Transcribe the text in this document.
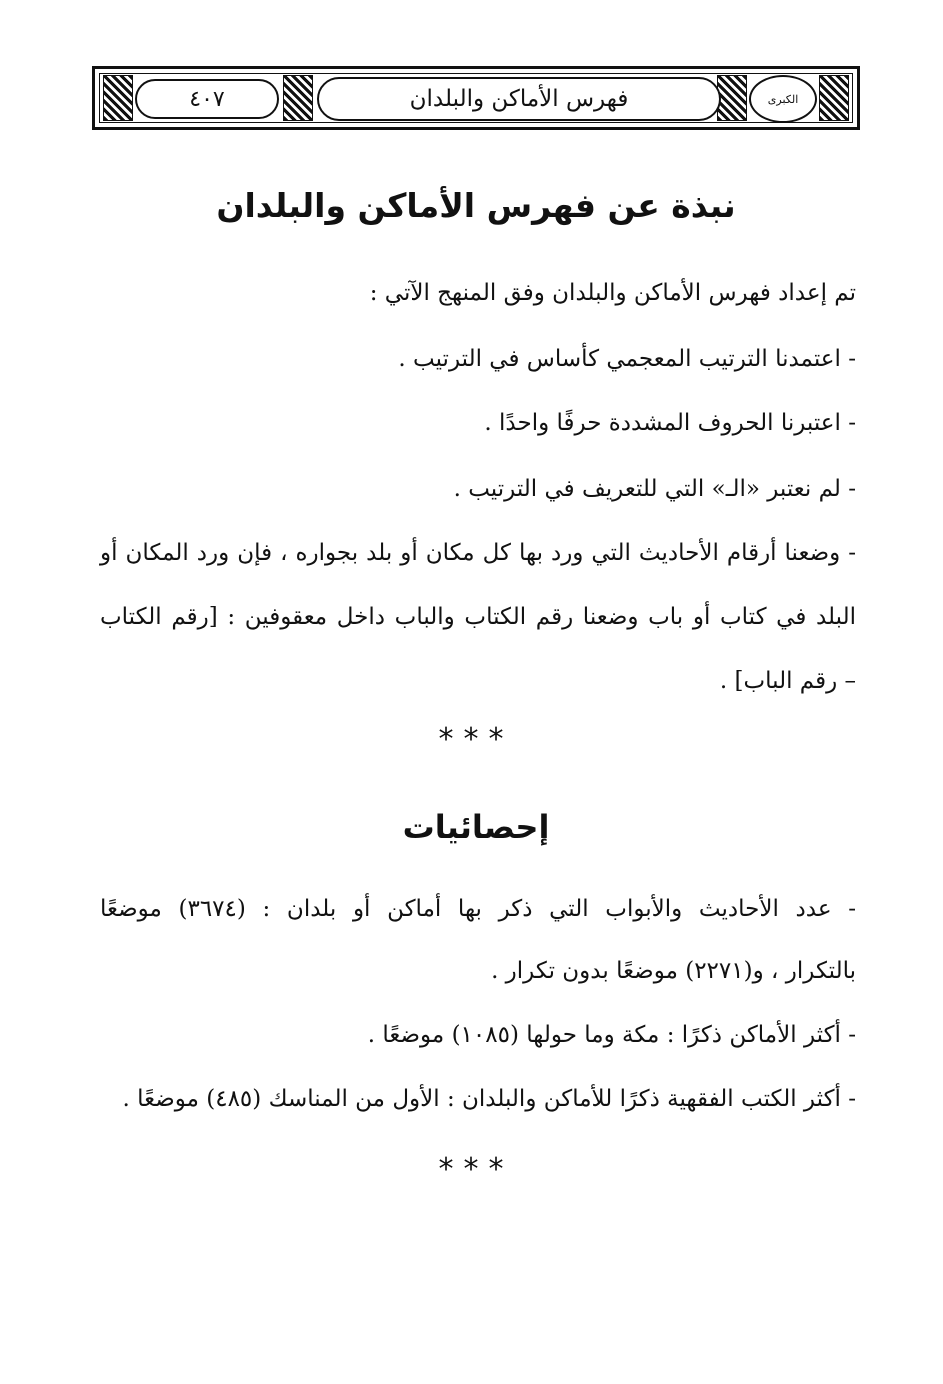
٤٠٧	فهرس الأماكن والبلدان	الكبرى
نبذة عن فهرس الأماكن والبلدان
تم إعداد فهرس الأماكن والبلدان وفق المنهج الآتي :
- اعتمدنا الترتيب المعجمي كأساس في الترتيب .
- اعتبرنا الحروف المشددة حرفًا واحدًا .
- لم نعتبر «الـ» التي للتعريف في الترتيب .
- وضعنا أرقام الأحاديث التي ورد بها كل مكان أو بلد بجواره ، فإن ورد المكان أو
البلد في كتاب أو باب وضعنا رقم الكتاب والباب داخل معقوفين : [رقم الكتاب
– رقم الباب] .
***
إحصائيات
- عدد الأحاديث والأبواب التي ذكر بها أماكن أو بلدان : (٣٦٧٤) موضعًا
بالتكرار ، و(٢٢٧١) موضعًا بدون تكرار .
- أكثر الأماكن ذكرًا : مكة وما حولها (١٠٨٥) موضعًا .
- أكثر الكتب الفقهية ذكرًا للأماكن والبلدان : الأول من المناسك (٤٨٥) موضعًا .
***
